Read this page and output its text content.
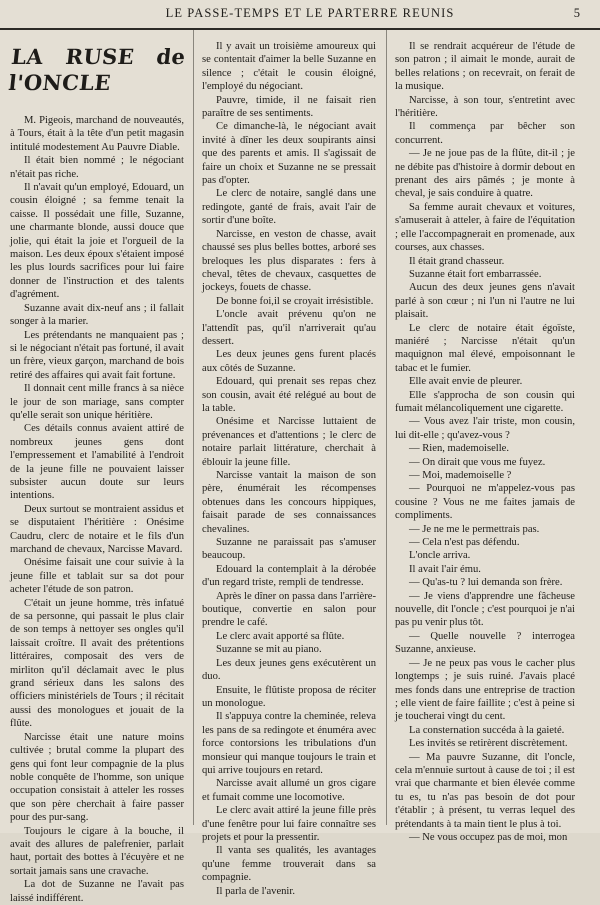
LE PASSE-TEMPS ET LE PARTERRE REUNIS	5
LA RUSE de l'ONCLE

M. Pigeois, marchand de nouveautés, à Tours, était à la tête d'un petit magasin intitulé modestement Au Pauvre Diable.

Il était bien nommé ; le négociant n'était pas riche.

Il n'avait qu'un employé, Edouard, un cousin éloigné ; sa femme tenait la caisse. Il possédait une fille, Suzanne, une charmante blonde, aussi douce que jolie, qui était la joie et l'orgueil de la maison. Les deux époux s'étaient imposé les plus lourds sacrifices pour lui faire donner de l'instruction et des talents d'agrément.

Suzanne avait dix-neuf ans ; il fallait songer à la marier.

Les prétendants ne manquaient pas ; si le négociant n'était pas fortuné, il avait un frère, vieux garçon, marchand de bois retiré des affaires qui avait fait fortune.

Il donnait cent mille francs à sa nièce le jour de son mariage, sans compter qu'elle serait son unique héritière.

Ces détails connus avaient attiré de nombreux jeunes gens dont l'empressement et l'amabilité à l'endroit de la jeune fille ne pouvaient laisser subsister aucun doute sur leurs intentions.

Deux surtout se montraient assidus et se disputaient l'héritière : Onésime Caudru, clerc de notaire et le fils d'un marchand de chevaux, Narcisse Mavard.

Onésime faisait une cour suivie à la jeune fille et tablait sur sa dot pour acheter l'étude de son patron.

C'était un jeune homme, très infatué de sa personne, qui passait le plus clair de son temps à nettoyer ses ongles qu'il laissait croître. Il avait des prétentions littéraires, composait des vers de mirliton qu'il déclamait avec le plus grand sérieux dans les salons des officiers ministériels de Tours ; il récitait aussi des monologues et jouait de la flûte.

Narcisse était une nature moins cultivée ; brutal comme la plupart des gens qui font leur compagnie de la plus noble conquête de l'homme, son unique occupation consistait à atteler les rosses que son père cherchait à faire passer pour des pur-sang.

Toujours le cigare à la bouche, il avait des allures de palefrenier, parlait haut, portait des bottes à l'écuyère et ne sortait jamais sans une cravache.

La dot de Suzanne ne l'avait pas laissé indifférent.

Il y avait un troisième amoureux qui se contentait d'aimer la belle Suzanne en silence ; c'était le cousin éloigné, l'employé du négociant.

Pauvre, timide, il ne faisait rien paraître de ses sentiments.

Ce dimanche-là, le négociant avait invité à dîner les deux soupirants ainsi que des parents et amis. Il s'agissait de faire un choix et Suzanne ne se pressait pas d'opter.

Le clerc de notaire, sanglé dans une redingote, ganté de frais, avait l'air de sortir d'une boîte.

Narcisse, en veston de chasse, avait chaussé ses plus belles bottes, arboré ses breloques les plus disparates : fers à cheval, têtes de chevaux, casquettes de jockeys, fouets de chasse.

De bonne foi,il se croyait irrésistible.

L'oncle avait prévenu qu'on ne l'attendît pas, qu'il n'arriverait qu'au dessert.

Les deux jeunes gens furent placés aux côtés de Suzanne.

Edouard, qui prenait ses repas chez son cousin, avait été relégué au bout de la table.

Onésime et Narcisse luttaient de prévenances et d'attentions ; le clerc de notaire parlait littérature, cherchait à éblouir la jeune fille.

Narcisse vantait la maison de son père, énumérait les récompenses obtenues dans les concours hippiques, faisait parade de ses connaissances chevalines.

Suzanne ne paraissait pas s'amuser beaucoup.

Edouard la contemplait à la dérobée d'un regard triste, rempli de tendresse.

Après le dîner on passa dans l'arrière-boutique, convertie en salon pour prendre le café.

Le clerc avait apporté sa flûte.

Suzanne se mit au piano.

Les deux jeunes gens exécutèrent un duo.

Ensuite, le flûtiste proposa de réciter un monologue.

Il s'appuya contre la cheminée, releva les pans de sa redingote et énuméra avec force contorsions les tribulations d'un monsieur qui manque toujours le train et qui arrive toujours en retard.

Narcisse avait allumé un gros cigare et fumait comme une locomotive.

Le clerc avait attiré la jeune fille près d'une fenêtre pour lui faire connaître ses projets et pour la pressentir.

Il vanta ses qualités, les avantages qu'une femme trouverait dans sa compagnie.

Il parla de l'avenir.

Il se rendrait acquéreur de l'étude de son patron ; il aimait le monde, aurait de belles relations ; on recevrait, on ferait de la musique.

Narcisse, à son tour, s'entretint avec l'héritière.

Il commença par bêcher son concurrent.

— Je ne joue pas de la flûte, dit-il ; je ne débite pas d'histoire à dormir debout en prenant des airs pâmés ; je monte à cheval, je sais conduire à quatre.

Sa femme aurait chevaux et voitures, s'amuserait à atteler, à faire de l'équitation ; elle l'accompagnerait en promenade, aux courses, aux chasses.

Il était grand chasseur.

Suzanne était fort embarrassée.

Aucun des deux jeunes gens n'avait parlé à son cœur ; ni l'un ni l'autre ne lui plaisait.

Le clerc de notaire était égoïste, maniéré ; Narcisse n'était qu'un maquignon mal élevé, empoisonnant le tabac et le fumier.

Elle avait envie de pleurer.

Elle s'approcha de son cousin qui fumait mélancoliquement une cigarette.

— Vous avez l'air triste, mon cousin, lui dit-elle ; qu'avez-vous ?

— Rien, mademoiselle.

— On dirait que vous me fuyez.

— Moi, mademoiselle ?

— Pourquoi ne m'appelez-vous pas cousine ? Vous ne me faites jamais de compliments.

— Je ne me le permettrais pas.

— Cela n'est pas défendu.

L'oncle arriva.

Il avait l'air ému.

— Qu'as-tu ? lui demanda son frère.

— Je viens d'apprendre une fâcheuse nouvelle, dit l'oncle ; c'est pourquoi je n'ai pas pu venir plus tôt.

— Quelle nouvelle ? interrogea Suzanne, anxieuse.

— Je ne peux pas vous le cacher plus longtemps ; je suis ruiné. J'avais placé mes fonds dans une entreprise de traction ; elle vient de faire faillite ; c'est à peine si je toucherai vingt du cent.

La consternation succéda à la gaieté.

Les invités se retirèrent discrètement.

— Ma pauvre Suzanne, dit l'oncle, cela m'ennuie surtout à cause de toi ; il est vrai que charmante et bien élevée comme tu es, tu n'as pas besoin de dot pour t'établir ; à présent, tu verras lequel des prétendants à ta main tient le plus à toi.

— Ne vous occupez pas de moi, mon
